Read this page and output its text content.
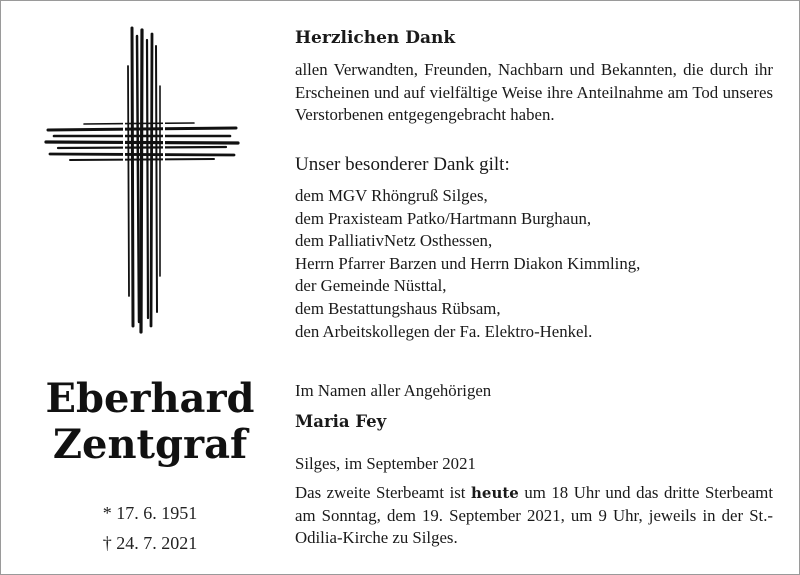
Eberhard
Zentgraf
* 17. 6. 1951
† 24. 7. 2021
Herzlichen Dank
allen Verwandten, Freunden, Nachbarn und Bekannten, die durch ihr Erscheinen und auf vielfältige Weise ihre Anteilnahme am Tod unseres Verstorbenen entgegengebracht haben.
Unser besonderer Dank gilt:
dem MGV Rhöngruß Silges,
dem Praxisteam Patko/Hartmann Burghaun,
dem PalliativNetz Osthessen,
Herrn Pfarrer Barzen und Herrn Diakon Kimmling,
der Gemeinde Nüsttal,
dem Bestattungshaus Rübsam,
den Arbeitskollegen der Fa. Elektro-Henkel.
Im Namen aller Angehörigen
Maria Fey
Silges, im September 2021
Das zweite Sterbeamt ist heute um 18 Uhr und das dritte Sterbeamt am Sonntag, dem 19. September 2021, um 9 Uhr, jeweils in der St.-Odilia-Kirche zu Silges.
